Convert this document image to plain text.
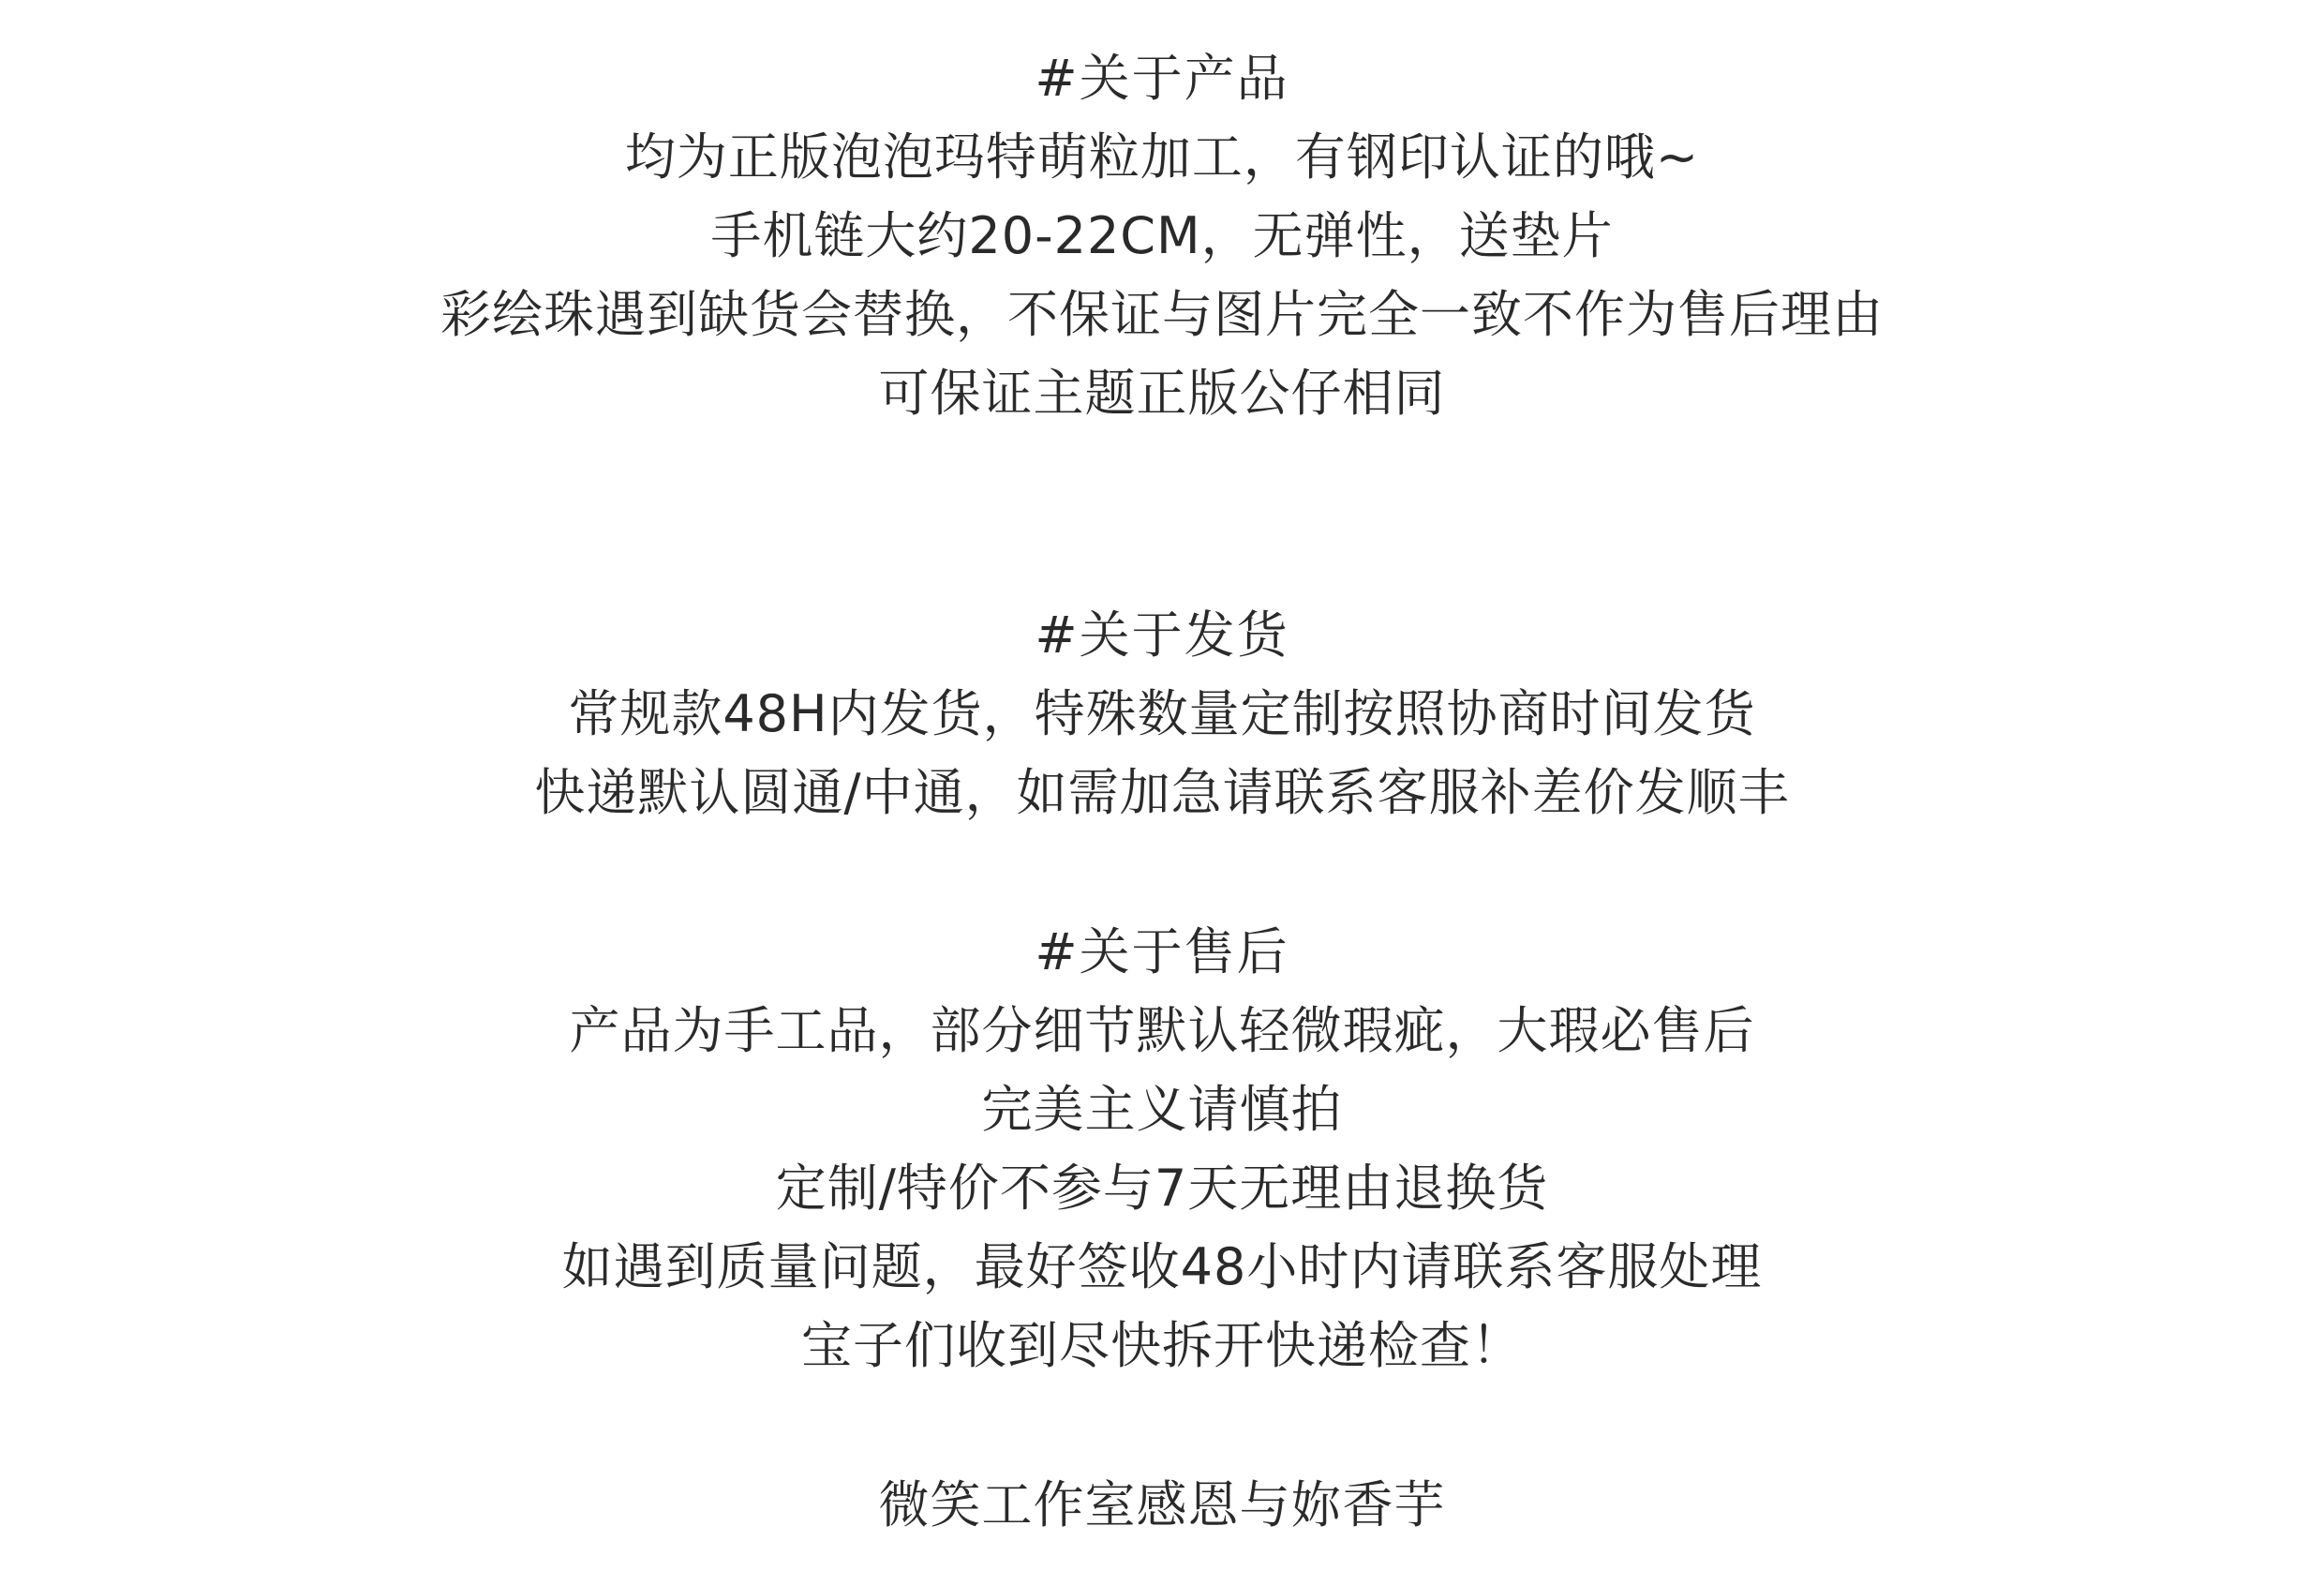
#关于产品
均为正版泡泡玛特萌粒加工，有钢印认证的哦~
手机链大约20-22CM，无弹性，送垫片
彩绘珠遇到缺货会替换，不保证与图片完全一致不作为售后理由
可保证主题正版公仔相同
#关于发货
常规款48H内发货，特殊数量定制按照协商时间发货
快递默认圆通/中通，如需加急请联系客服补差价发顺丰
#关于售后
产品为手工品，部分细节默认轻微瑕疵，大瑕必售后
完美主义请慎拍
定制/特价不参与7天无理由退换货
如遇到质量问题，最好签收48小时内请联系客服处理
宝子们收到尽快拆开快递检查！
微笑工作室感恩与妳香芋
